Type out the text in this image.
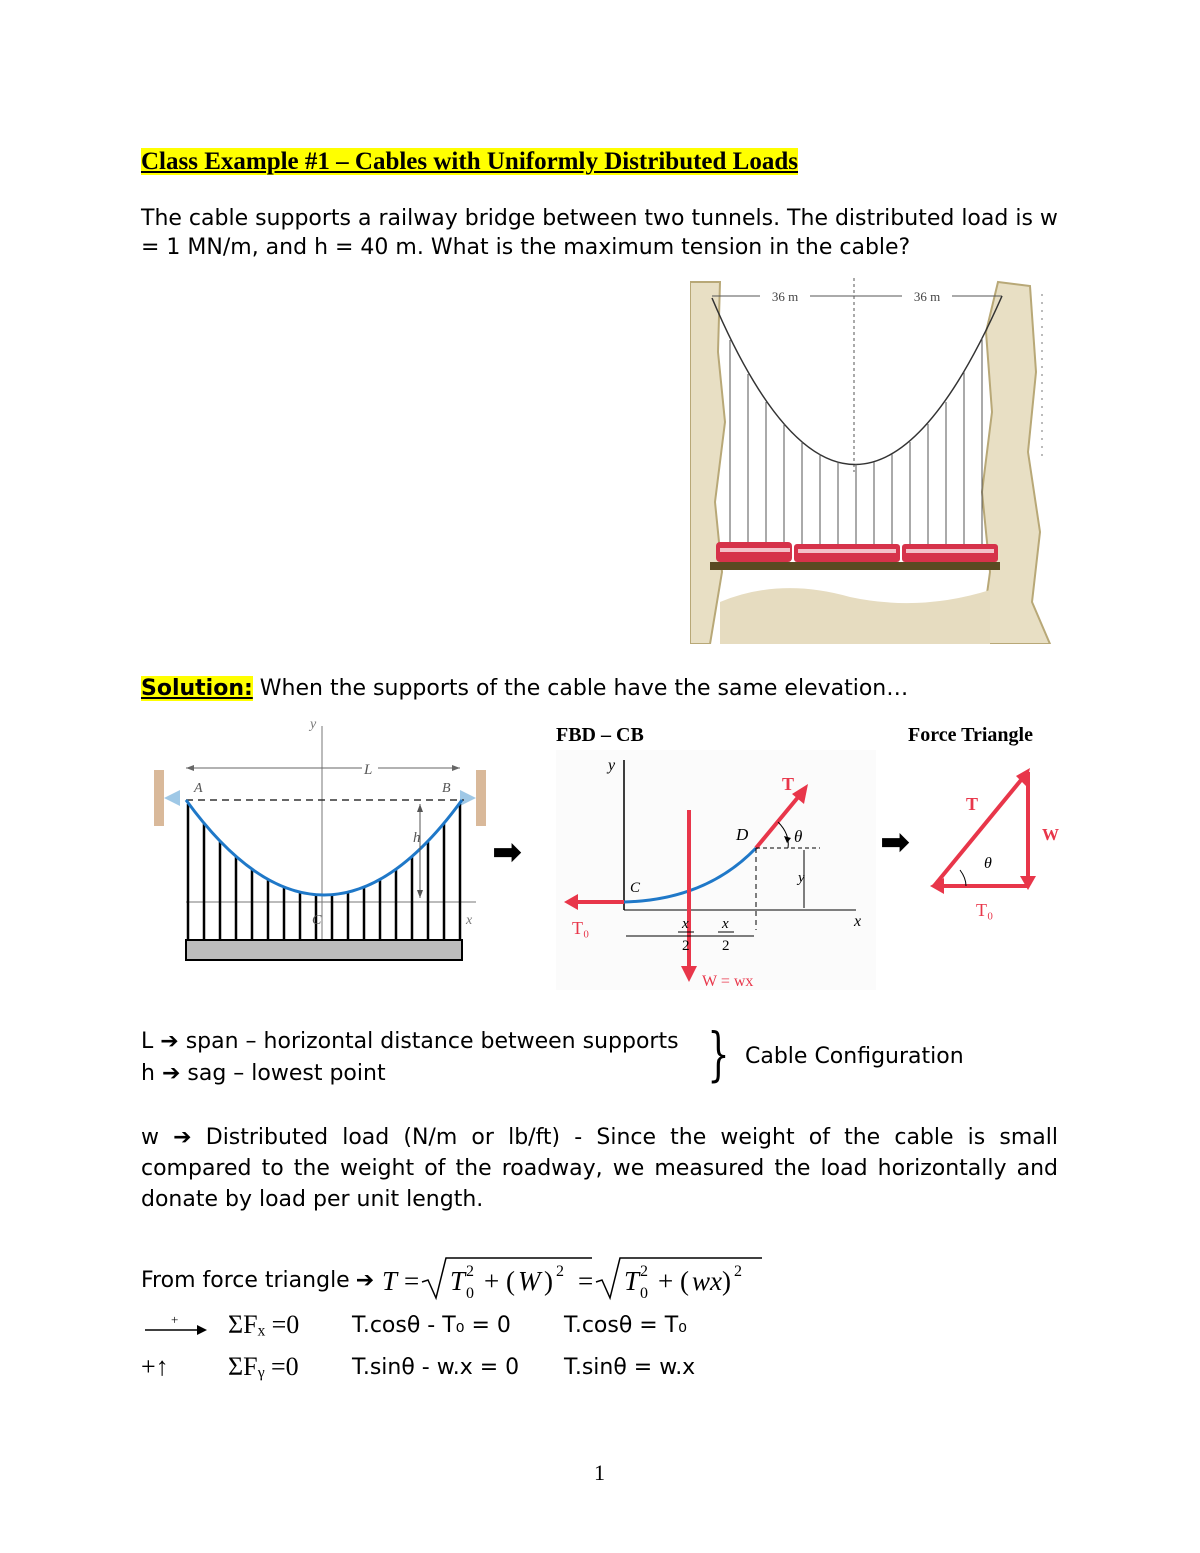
Class Example #1 – Cables with Uniformly Distributed Loads
The cable supports a railway bridge between two tunnels. The distributed load is w
= 1 MN/m, and h = 40 m. What is the maximum tension in the cable?
36 m	36 m
Solution: When the supports of the cable have the same elevation…
y
x
L
A	B
h
C
➡	➡
FBD – CB
y
x
C
D
T
θ
y
T₀
W = wx
x
2
x
2
Force Triangle
T
W
θ
T₀
L ➔ span – horizontal distance between supports
h ➔ sag – lowest point	} Cable Configuration
w ➔ Distributed load (N/m or lb/ft) - Since the weight of the cable is small
compared to the weight of the roadway, we measured the load horizontally and
donate by load per unit length.
From force triangle ➔ T = T 0
2 + ( W ) 2 = T 0
2 + ( wx ) 2
+ ΣFₓ =0 T.cosθ - T₀ = 0 T.cosθ = T₀
+↑ ΣFᵧ =0 T.sinθ - w.x = 0 T.sinθ = w.x
1
